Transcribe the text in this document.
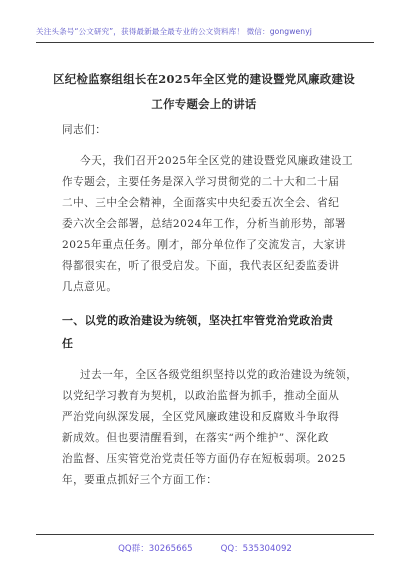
关注头条号“公文研究”，获得最新最全最专业的公文资料库！ 微信：gongwenyj
区纪检监察组组长在2025年全区党的建设暨党风廉政建设
工作专题会上的讲话
同志们：
今天，我们召开2025年全区党的建设暨党风廉政建设工
作专题会，主要任务是深入学习贯彻党的二十大和二十届
二中、三中全会精神，全面落实中央纪委五次全会、省纪
委六次全会部署，总结2024年工作，分析当前形势，部署
2025年重点任务。刚才，部分单位作了交流发言，大家讲
得都很实在，听了很受启发。下面，我代表区纪委监委讲
几点意见。
一、以党的政治建设为统领，坚决扛牢管党治党政治责
任
过去一年，全区各级党组织坚持以党的政治建设为统领，
以党纪学习教育为契机，以政治监督为抓手，推动全面从
严治党向纵深发展，全区党风廉政建设和反腐败斗争取得
新成效。但也要清醒看到，在落实“两个维护”、深化政
治监督、压实管党治党责任等方面仍存在短板弱项。2025
年，要重点抓好三个方面工作：
QQ群：30265665	QQ：535304092
